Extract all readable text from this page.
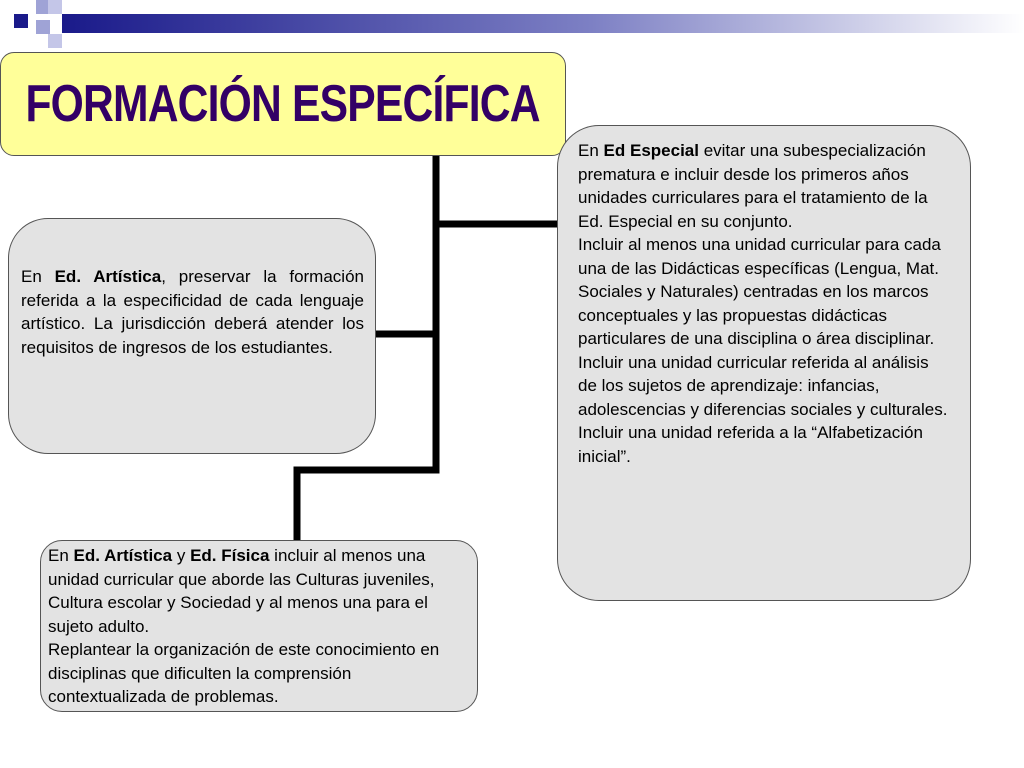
FORMACIÓN ESPECÍFICA

En Ed. Artística, preservar la formación referida a la especificidad de cada lenguaje artístico. La jurisdicción deberá atender los requisitos de ingresos de los estudiantes.

En Ed Especial evitar una subespecialización prematura e incluir desde los primeros años unidades curriculares para el tratamiento de la Ed. Especial en su conjunto.

Incluir al menos una unidad curricular para cada una de las Didácticas específicas (Lengua, Mat. Sociales y Naturales) centradas en los marcos conceptuales y las propuestas didácticas particulares de una disciplina o área disciplinar.

Incluir una unidad curricular referida al análisis de los sujetos de aprendizaje: infancias, adolescencias y diferencias sociales y culturales.

Incluir una unidad referida a la “Alfabetización inicial”.

En Ed. Artística y Ed. Física incluir al menos una unidad curricular que aborde las Culturas juveniles, Cultura escolar y Sociedad y al menos una para el sujeto adulto.

Replantear la organización de este conocimiento en disciplinas que dificulten la comprensión contextualizada de problemas.
